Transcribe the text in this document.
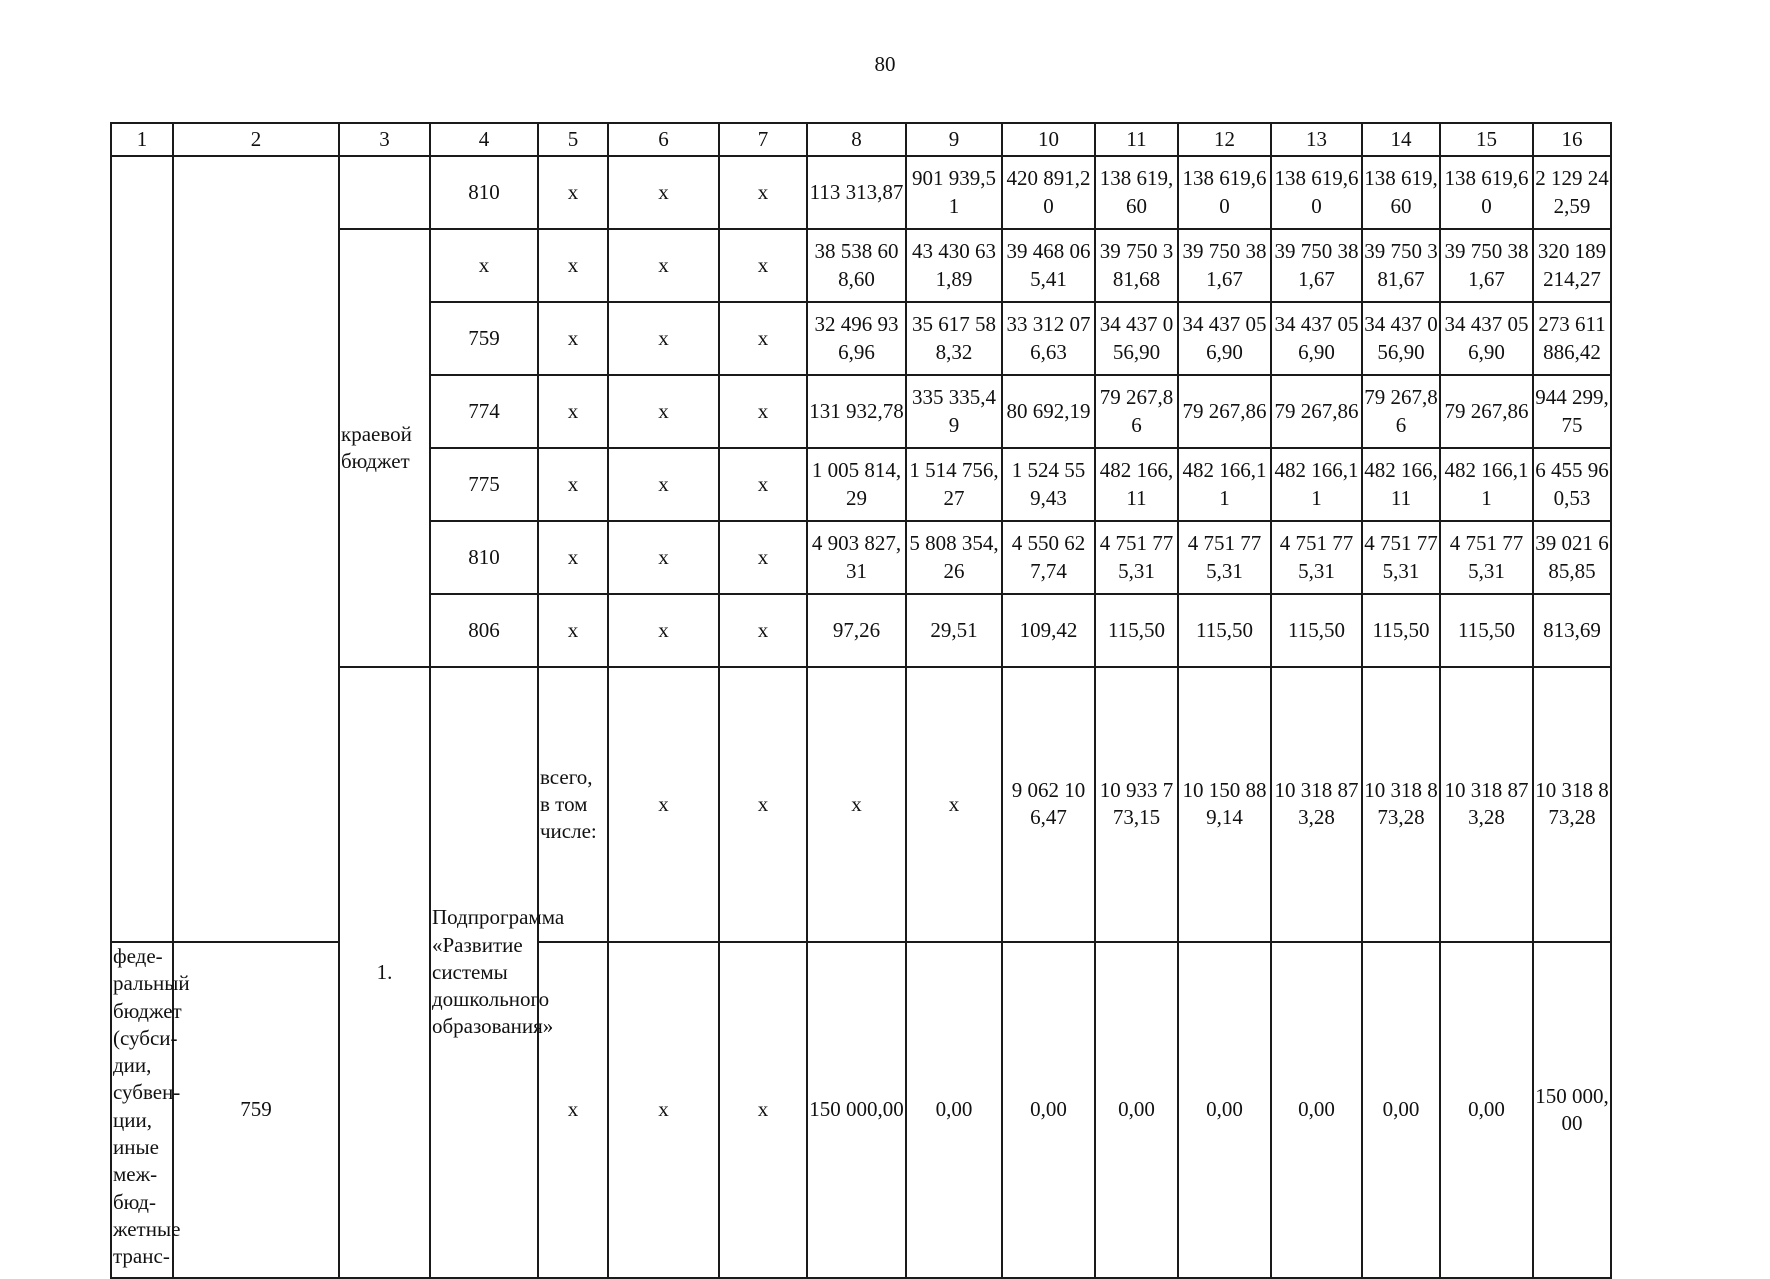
80
1	2	3	4	5	6	7	8	9	10	11	12	13	14	15	16	
			810	х	х	х	113 313,87	901 939,51	420 891,20	138 619,60	138 619,60	138 619,60	138 619,60	138 619,60	2 129 242,59	
		краевой бюджет	х	х	х	х	38 538 608,60	43 430 631,89	39 468 065,41	39 750 381,68	39 750 381,67	39 750 381,67	39 750 381,67	39 750 381,67	320 189 214,27	
			759	х	х	х	32 496 936,96	35 617 588,32	33 312 076,63	34 437 056,90	34 437 056,90	34 437 056,90	34 437 056,90	34 437 056,90	273 611 886,42	
			774	х	х	х	131 932,78	335 335,49	80 692,19	79 267,86	79 267,86	79 267,86	79 267,86	79 267,86	944 299,75	
			775	х	х	х	1 005 814,29	1 514 756,27	1 524 559,43	482 166,11	482 166,11	482 166,11	482 166,11	482 166,11	6 455 960,53	
			810	х	х	х	4 903 827,31	5 808 354,26	4 550 627,74	4 751 775,31	4 751 775,31	4 751 775,31	4 751 775,31	4 751 775,31	39 021 685,85	
			806	х	х	х	97,26	29,51	109,42	115,50	115,50	115,50	115,50	115,50	813,69	
		1.	Подпрограмма «Развитие системы дошкольного образования»	всего, в том числе:	х	х	х	х	9 062 106,47	10 933 773,15	10 150 889,14	10 318 873,28	10 318 873,28	10 318 873,28	10 318 873,28		
феде-ральный бюджет (субси-дии, субвен-ции, иные меж-бюд-жетные транс-	759			х	х	х	150 000,00	0,00	0,00	0,00	0,00	0,00	0,00	0,00	150 000,00	
